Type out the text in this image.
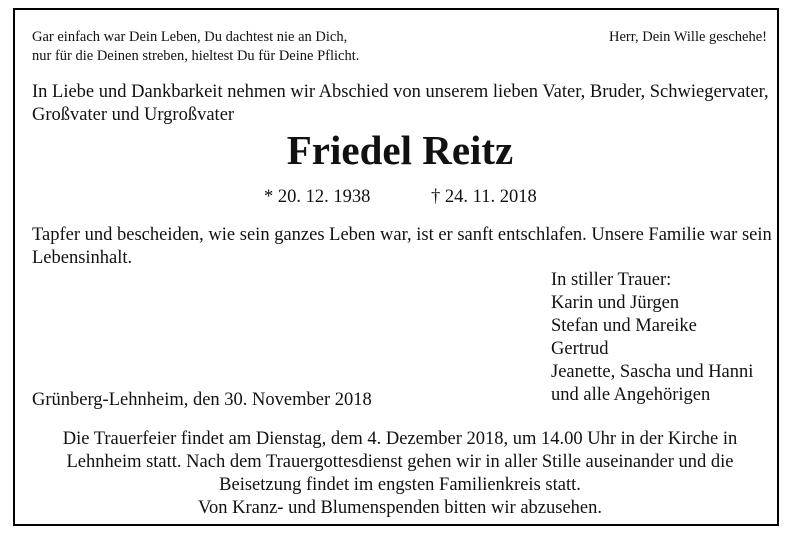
Gar einfach war Dein Leben, Du dachtest nie an Dich,
nur für die Deinen streben, hieltest Du für Deine Pflicht.
Herr, Dein Wille geschehe!
In Liebe und Dankbarkeit nehmen wir Abschied von unserem lieben Vater, Bruder, Schwiegervater,
Großvater und Urgroßvater
Friedel Reitz
* 20. 12. 1938	† 24. 11. 2018
Tapfer und bescheiden, wie sein ganzes Leben war, ist er sanft entschlafen. Unsere Familie war sein
Lebensinhalt.
In stiller Trauer:
Karin und Jürgen
Stefan und Mareike
Gertrud
Jeanette, Sascha und Hanni
und alle Angehörigen
Grünberg-Lehnheim, den 30. November 2018
Die Trauerfeier findet am Dienstag, dem 4. Dezember 2018, um 14.00 Uhr in der Kirche in
Lehnheim statt. Nach dem Trauergottesdienst gehen wir in aller Stille auseinander und die
Beisetzung findet im engsten Familienkreis statt.
Von Kranz- und Blumenspenden bitten wir abzusehen.
